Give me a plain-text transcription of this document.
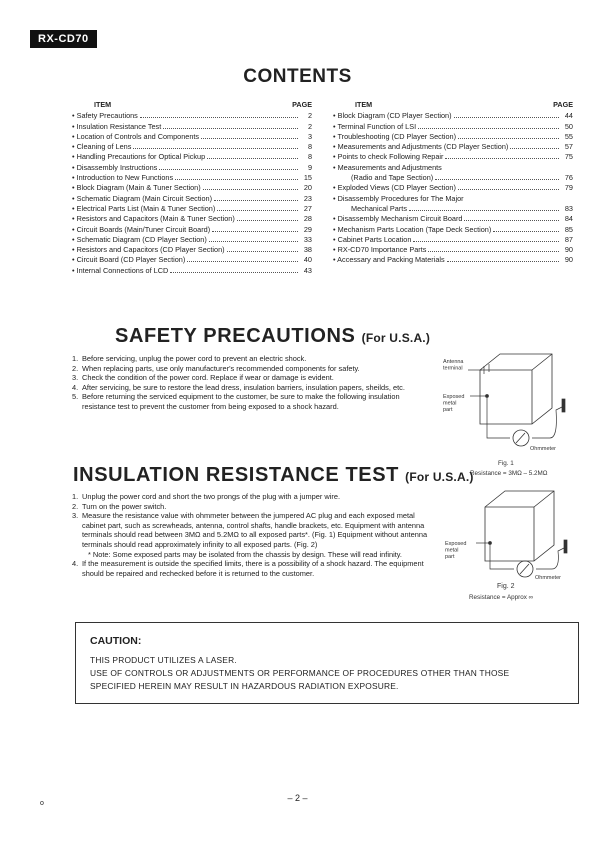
RX-CD70
CONTENTS
ITEM	PAGE
• Safety Precautions	2
• Insulation Resistance Test	2
• Location of Controls and Components	3
• Cleaning of Lens	8
• Handling Precautions for Optical Pickup	8
• Disassembly Instructions	9
• Introduction to New Functions	15
• Block Diagram (Main & Tuner Section)	20
• Schematic Diagram (Main Circuit Section)	23
• Electrical Parts List (Main & Tuner Section)	27
• Resistors and Capacitors (Main & Tuner Section)	28
• Circuit Boards (Main/Tuner Circuit Board)	29
• Schematic Diagram (CD Player Section)	33
• Resistors and Capacitors (CD Player Section)	38
• Circuit Board (CD Player Section)	40
• Internal Connections of LCD	43
ITEM	PAGE
• Block Diagram (CD Player Section)	44
• Terminal Function of LSI	50
• Troubleshooting (CD Player Section)	55
• Measurements and Adjustments (CD Player Section)	57
• Points to check Following Repair	75
• Measurements and Adjustments
(Radio and Tape Section)	76
• Exploded Views (CD Player Section)	79
• Disassembly Procedures for The Major
Mechanical Parts	83
• Disassembly Mechanism Circuit Board	84
• Mechanism Parts Location (Tape Deck Section)	85
• Cabinet Parts Location	87
• RX-CD70 Importance Parts	90
• Accessary and Packing Materials	90
SAFETY PRECAUTIONS (For U.S.A.)
1. Before servicing, unplug the power cord to prevent an electric shock.
2. When replacing parts, use only manufacturer's recommended components for safety.
3. Check the condition of the power cord. Replace if wear or damage is evident.
4. After servicing, be sure to restore the lead dress, insulation barriers, insulation papers, sheilds, etc.
5. Before returning the serviced equipment to the customer, be sure to make the following insulation resistance test to prevent the customer from being exposed to a shock hazard.
Antenna terminal
Exposed metal part
Ohmmeter
Fig. 1
Resistance = 3MΩ – 5.2MΩ
INSULATION RESISTANCE TEST (For U.S.A.)
1. Unplug the power cord and short the two prongs of the plug with a jumper wire.
2. Turn on the power switch.
3. Measure the resistance value with ohmmeter between the jumpered AC plug and each exposed metal cabinet part, such as screwheads, antenna, control shafts, handle brackets, etc. Equipment with antenna terminals should read between 3MΩ and 5.2MΩ to all exposed parts*. (Fig. 1) Equipment without antenna terminals should read approximately infinity to all exposed parts. (Fig. 2)
* Note: Some exposed parts may be isolated from the chassis by design. These will read infinity.
4. If the measurement is outside the specified limits, there is a possibility of a shock hazard. The equipment should be repaired and rechecked before it is returned to the customer.
Exposed metal part
Ohmmeter
Fig. 2
Resistance = Approx ∞
CAUTION:
THIS PRODUCT UTILIZES A LASER.
USE OF CONTROLS OR ADJUSTMENTS OR PERFORMANCE OF PROCEDURES OTHER THAN THOSE
SPECIFIED HEREIN MAY RESULT IN HAZARDOUS RADIATION EXPOSURE.
– 2 –
o
